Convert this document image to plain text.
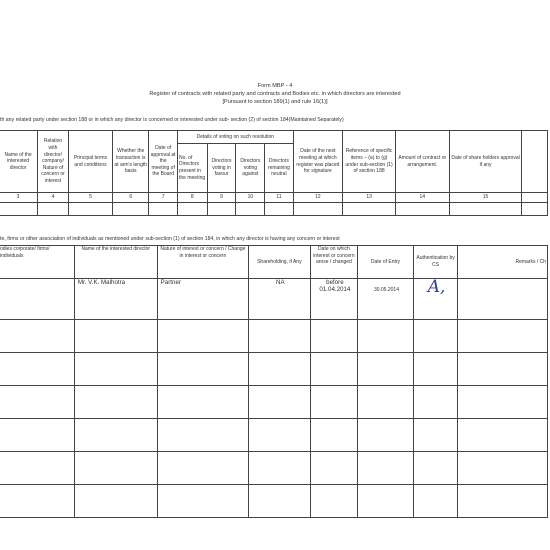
Form MBP - 4
Register of contracts with related party and contracts and Bodies etc. in which directors are interested
[Pursuant to section 189(1) and rule 16(1)]
th any related party under section 188 or in which any director is concerned or interested under sub- section (2) of section 184(Maintained Separately)
Name of the interested director	Relation with director/ company/ Nature of concern or interest	Principal terms and conditions	Whether the transaction is at arm's length basis	Date of approval at the meeting of the Board	Details of voting on such resolution				Date of the next meeting at which register was placed for signature	Reference of specific items – (a) to (g) under sub-section (1) of section 188	Amount of contract or arrangement.	Date of share holders approval if any	
					No. of Directors present in the meeting	Directors voting in favour	Directors voting against	Directors remaining neutral					
3	4	5	6	7	8	9	10	11	12	13	14	15	

te, firms or other association of individuals as mentioned under sub-section (1) of section 184, in which any director is having any concern or interest
odies corporate/ firms/ individuals	Name of the interested director	Nature of interest or concern / Change in interest or concern	Shareholding, if Any	Date on which interest or concern arose / changed	Date of Entry	Authentication by CS	Remarks / Ch
	Mr. V.K. Malhotra	Partner	NA	before 01.04.2014	30.05.2014	A,	
